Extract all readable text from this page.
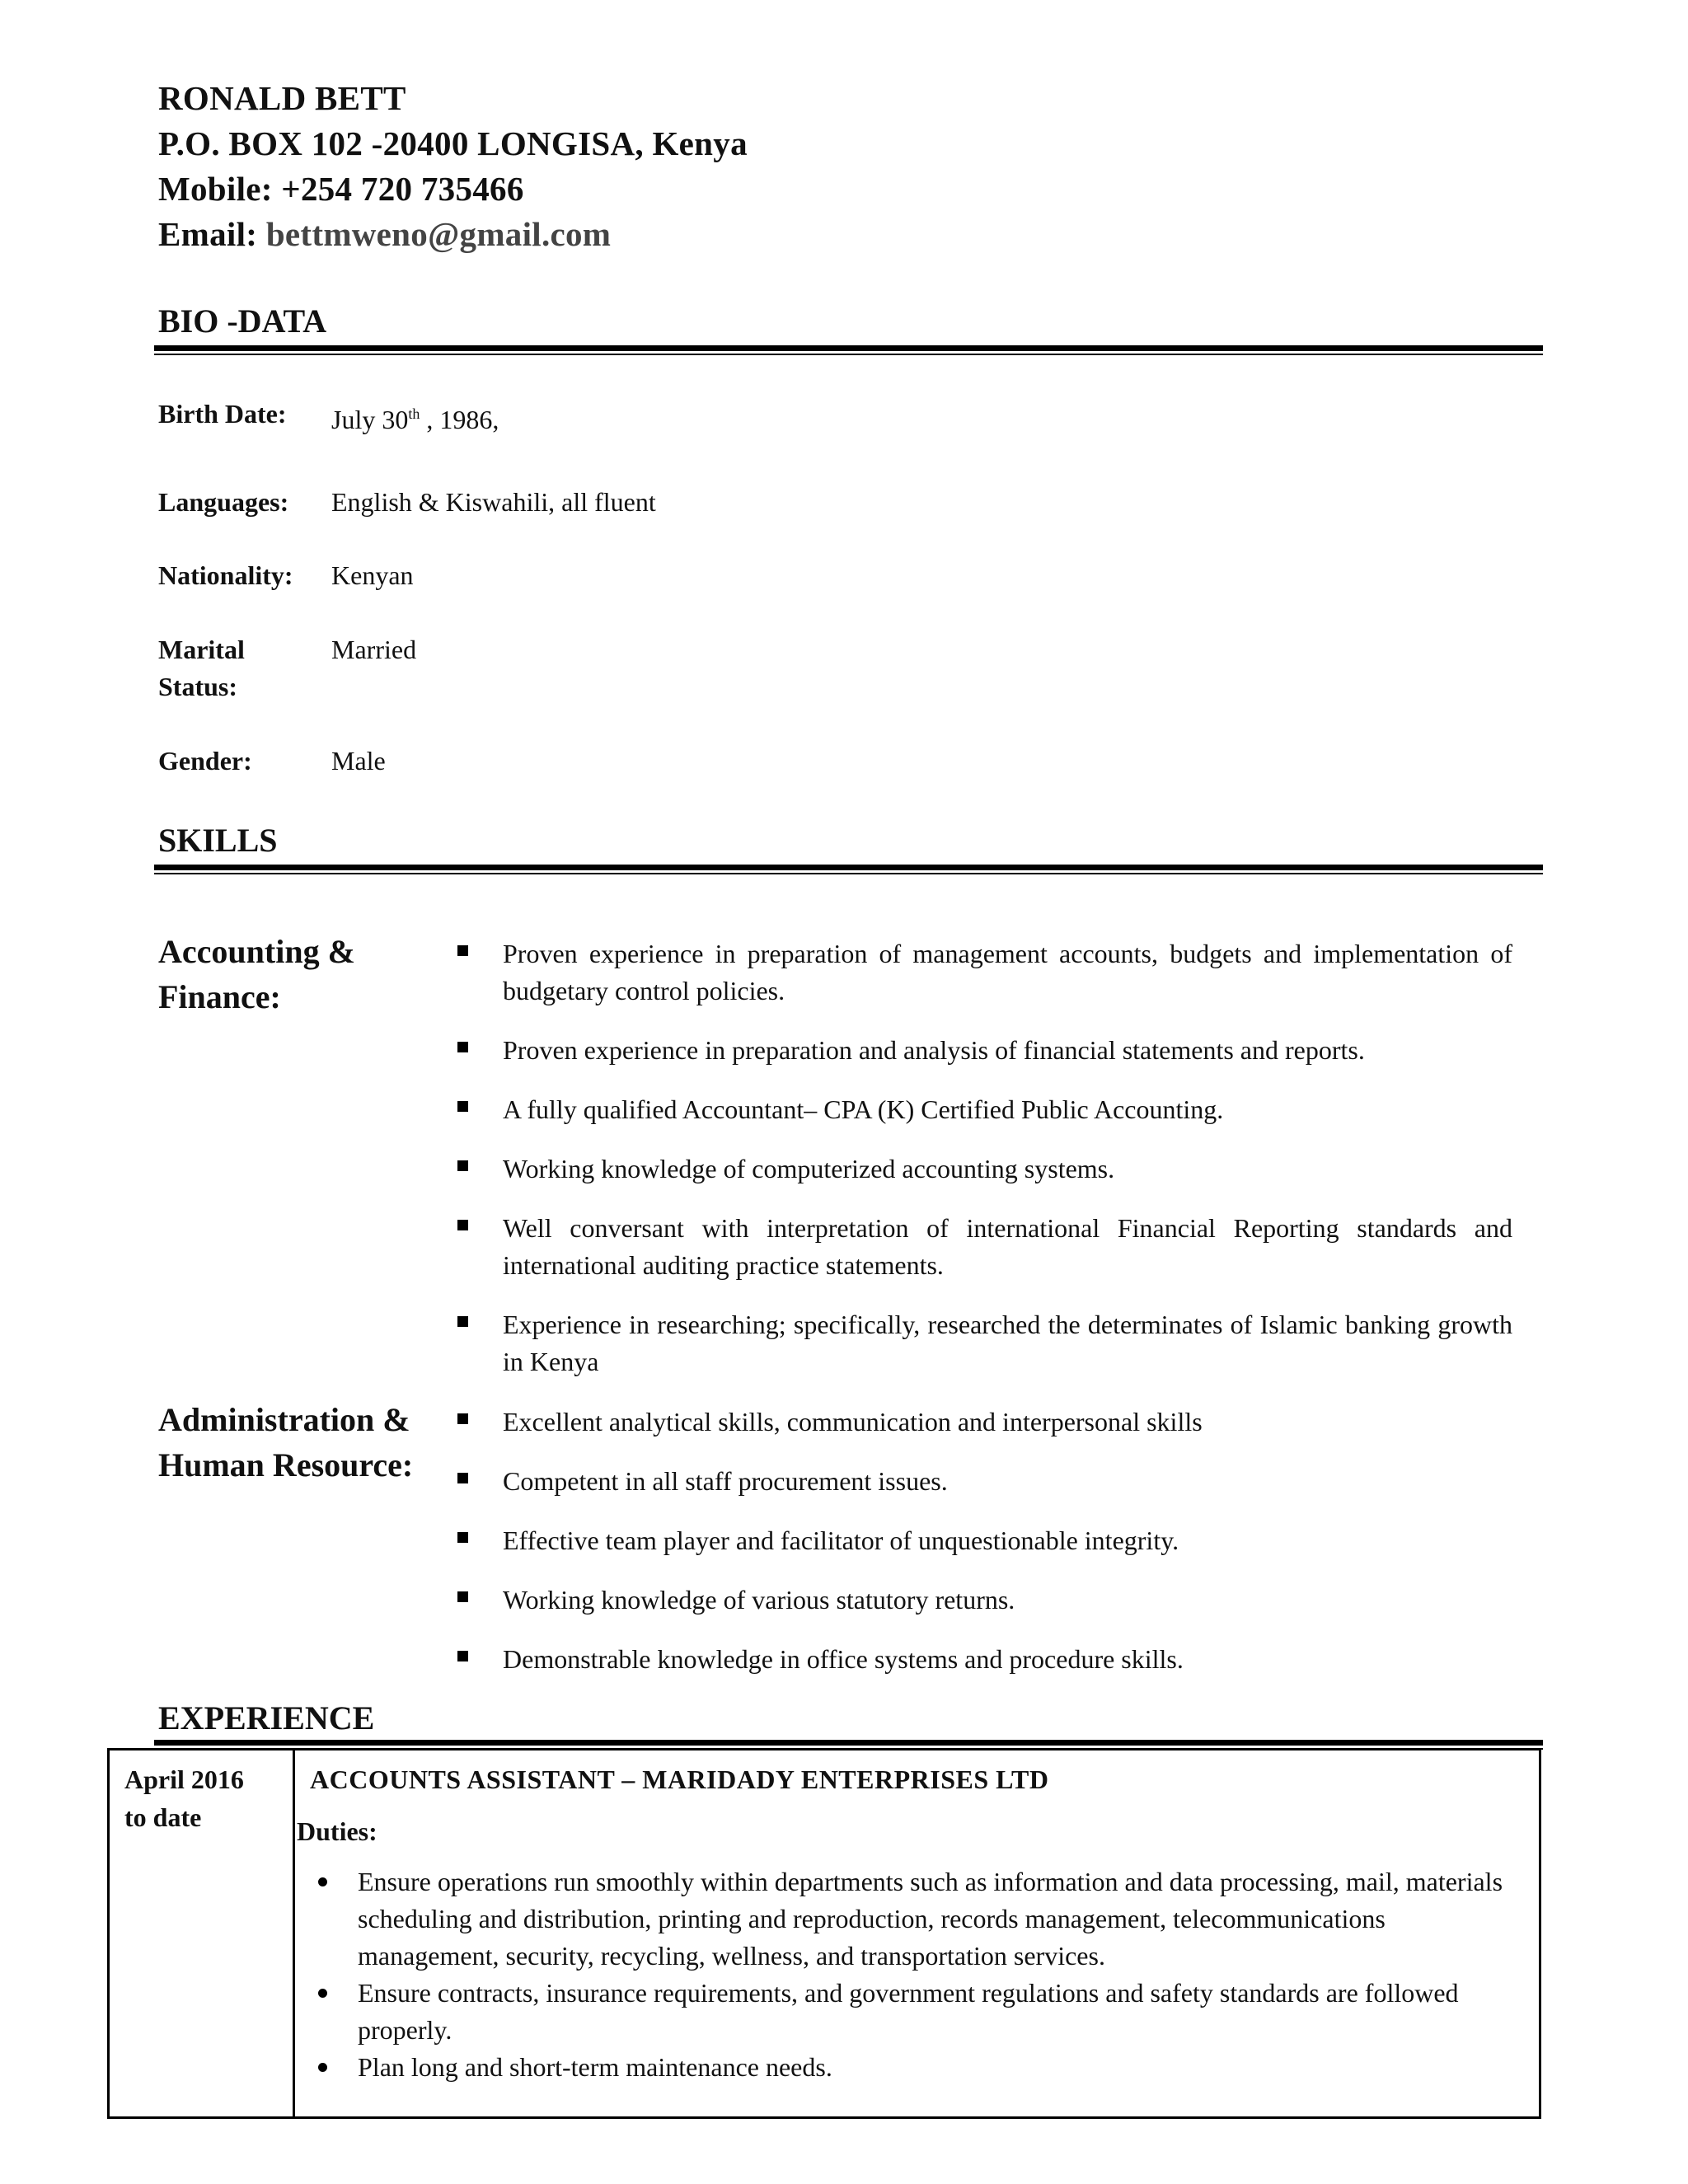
RONALD BETT
P.O. BOX 102 -20400 LONGISA, Kenya
Mobile: +254 720 735466
Email: bettmweno@gmail.com
BIO -DATA
Birth Date:	July 30th , 1986,
Languages:	English & Kiswahili, all fluent
Nationality:	Kenyan
Marital Status:
Married
Gender:	Male
SKILLS
Accounting &
Finance:
Proven experience in preparation of management accounts, budgets and implementation of budgetary control policies.
Proven experience in preparation and analysis of financial statements and reports.
A fully qualified Accountant– CPA (K) Certified Public Accounting.
Working knowledge of computerized accounting systems.
Well conversant with interpretation of international Financial Reporting standards and international auditing practice statements.
Experience in researching; specifically, researched the determinates of Islamic banking growth in Kenya
Administration &
Human Resource:
Excellent analytical skills, communication and interpersonal skills
Competent in all staff procurement issues.
Effective team player and facilitator of unquestionable integrity.
Working knowledge of various statutory returns.
Demonstrable knowledge in office systems and procedure skills.
EXPERIENCE
April 2016
to date
ACCOUNTS ASSISTANT – MARIDADY ENTERPRISES LTD
Duties:
Ensure operations run smoothly within departments such as information and data processing, mail, materials scheduling and distribution, printing and reproduction, records management, telecommunications management, security, recycling, wellness, and transportation services.
Ensure contracts, insurance requirements, and government regulations and safety standards are followed properly.
Plan long and short-term maintenance needs.
